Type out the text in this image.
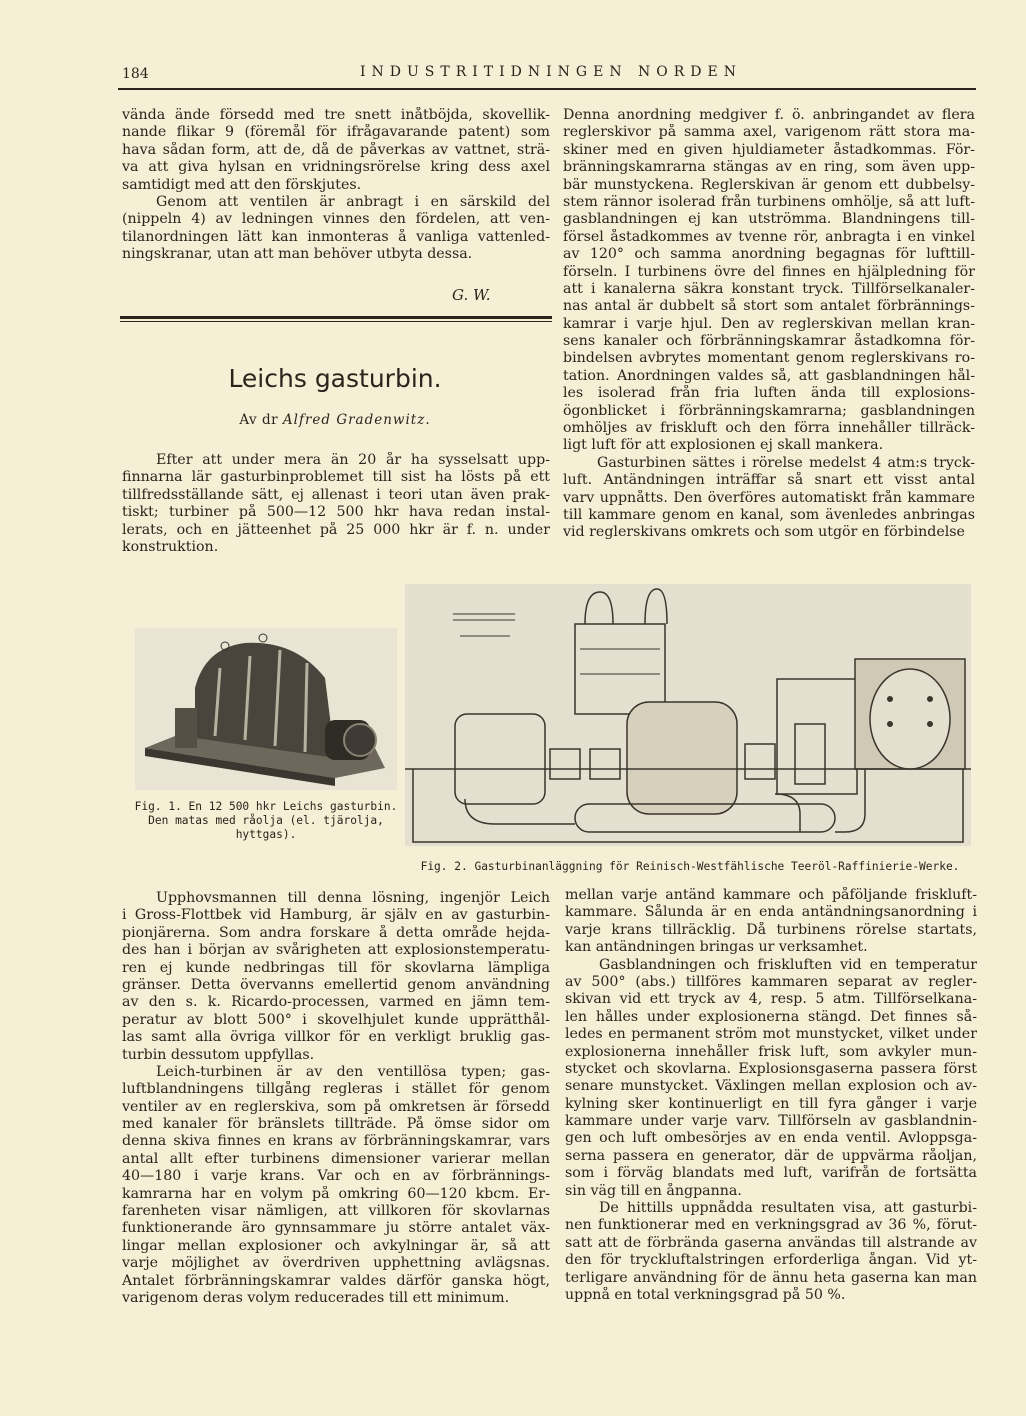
184	INDUSTRITIDNINGEN NORDEN
vända ände försedd med tre snett inåtböjda, skovellik-
nande flikar 9 (föremål för ifrågavarande patent) som
hava sådan form, att de, då de påverkas av vattnet, strä-
va att giva hylsan en vridningsrörelse kring dess axel
samtidigt med att den förskjutes.
Genom att ventilen är anbragt i en särskild del
(nippeln 4) av ledningen vinnes den fördelen, att ven-
tilanordningen lätt kan inmonteras å vanliga vattenled-
ningskranar, utan att man behöver utbyta dessa.
G. W.
Leichs gasturbin.
Av dr Alfred Gradenwitz.
Efter att under mera än 20 år ha sysselsatt upp-
finnarna lär gasturbinproblemet till sist ha lösts på ett
tillfredsställande sätt, ej allenast i teori utan även prak-
tiskt; turbiner på 500—12 500 hkr hava redan instal-
lerats, och en jätteenhet på 25 000 hkr är f. n. under
konstruktion.
Denna anordning medgiver f. ö. anbringandet av flera
reglerskivor på samma axel, varigenom rätt stora ma-
skiner med en given hjuldiameter åstadkommas. För-
bränningskamrarna stängas av en ring, som även upp-
bär munstyckena. Reglerskivan är genom ett dubbelsy-
stem rännor isolerad från turbinens omhölje, så att luft-
gasblandningen ej kan utströmma. Blandningens till-
försel åstadkommes av tvenne rör, anbragta i en vinkel
av 120° och samma anordning begagnas för lufttill-
förseln. I turbinens övre del finnes en hjälpledning för
att i kanalerna säkra konstant tryck. Tillförselkanaler-
nas antal är dubbelt så stort som antalet förbrännings-
kamrar i varje hjul. Den av reglerskivan mellan kran-
sens kanaler och förbränningskamrar åstadkomna för-
bindelsen avbrytes momentant genom reglerskivans ro-
tation. Anordningen valdes så, att gasblandningen hål-
les isolerad från fria luften ända till explosions-
ögonblicket i förbränningskamrarna; gasblandningen
omhöljes av friskluft och den förra innehåller tillräck-
ligt luft för att explosionen ej skall mankera.
Gasturbinen sättes i rörelse medelst 4 atm:s tryck-
luft. Antändningen inträffar så snart ett visst antal
varv uppnåtts. Den överföres automatiskt från kammare
till kammare genom en kanal, som ävenledes anbringas
vid reglerskivans omkrets och som utgör en förbindelse
Fig. 1. En 12 500 hkr Leichs gasturbin.
Den matas med råolja (el. tjärolja,
hyttgas).
Fig. 2. Gasturbinanläggning för Reinisch-Westfählische Teeröl-Raffinierie-Werke.
Upphovsmannen till denna lösning, ingenjör Leich
i Gross-Flottbek vid Hamburg, är själv en av gasturbin-
pionjärerna. Som andra forskare å detta område hejda-
des han i början av svårigheten att explosionstemperatu-
ren ej kunde nedbringas till för skovlarna lämpliga
gränser. Detta övervanns emellertid genom användning
av den s. k. Ricardo-processen, varmed en jämn tem-
peratur av blott 500° i skovelhjulet kunde upprätthål-
las samt alla övriga villkor för en verkligt bruklig gas-
turbin dessutom uppfyllas.
Leich-turbinen är av den ventillösa typen; gas-
luftblandningens tillgång regleras i stället för genom
ventiler av en reglerskiva, som på omkretsen är försedd
med kanaler för bränslets tillträde. På ömse sidor om
denna skiva finnes en krans av förbränningskamrar, vars
antal allt efter turbinens dimensioner varierar mellan
40—180 i varje krans. Var och en av förbrännings-
kamrarna har en volym på omkring 60—120 kbcm. Er-
farenheten visar nämligen, att villkoren för skovlarnas
funktionerande äro gynnsammare ju större antalet väx-
lingar mellan explosioner och avkylningar är, så att
varje möjlighet av överdriven upphettning avlägsnas.
Antalet förbränningskamrar valdes därför ganska högt,
varigenom deras volym reducerades till ett minimum.
mellan varje antänd kammare och påföljande friskluft-
kammare. Sålunda är en enda antändningsanordning i
varje krans tillräcklig. Då turbinens rörelse startats,
kan antändningen bringas ur verksamhet.
Gasblandningen och friskluften vid en temperatur
av 500° (abs.) tillföres kammaren separat av regler-
skivan vid ett tryck av 4, resp. 5 atm. Tillförselkana-
len hålles under explosionerna stängd. Det finnes så-
ledes en permanent ström mot munstycket, vilket under
explosionerna innehåller frisk luft, som avkyler mun-
stycket och skovlarna. Explosionsgaserna passera först
senare munstycket. Växlingen mellan explosion och av-
kylning sker kontinuerligt en till fyra gånger i varje
kammare under varje varv. Tillförseln av gasblandnin-
gen och luft ombesörjes av en enda ventil. Avloppsga-
serna passera en generator, där de uppvärma råoljan,
som i förväg blandats med luft, varifrån de fortsätta
sin väg till en ångpanna.
De hittills uppnådda resultaten visa, att gasturbi-
nen funktionerar med en verkningsgrad av 36 %, förut-
satt att de förbrända gaserna användas till alstrande av
den för tryckluftalstringen erforderliga ångan. Vid yt-
terligare användning för de ännu heta gaserna kan man
uppnå en total verkningsgrad på 50 %.
